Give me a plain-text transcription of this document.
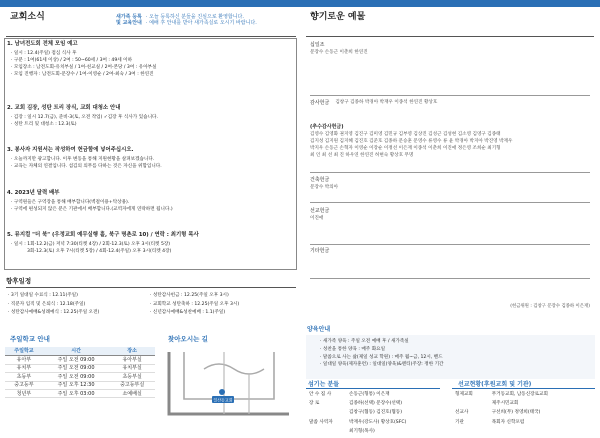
교회소식	새가족 등록
및 교육안내
· 오늘 등록하신 분들을 진심으로 환영합니다.
· 예배 후 안내를 받아 새가족실로 오시기 바랍니다.
1. 남녀전도회 전체 모임 예고
· 일시 : 12.4(주일) 점심 식사 후
· 구분 : 1여(61세 이상) / 2여 : 50~60세 / 3여 : 49세 이하
· 모임장소 : 남전도회-유치부실 / 1여-친교실 / 2여-본당 / 3여 : 유아부실
· 모임 진행자 : 남전도회-문장수 / 1여-이영순 / 2여-최숙 / 3여 : 한연진
2. 교회 김장, 성탄 트리 장식, 교회 대청소 안내
· 김장 : 일시 12.7(금), 준비-3(토, 오전 작업) ✓김장 후 식사가 있습니다.
· 성탄 트리 및 대청소 : 12.3(토)
3. 봉사자 지원서는 작성하여 헌금함에 넣어주십시오.
· 오늘까지만 광고합니다. 이후 변동을 통해 지원현황을 살펴보겠습니다.
· 교육는 자체의 연결입니다. 섬김의 의무를 다하는 것은 자신을 위함입니다.
4. 2023년 달력 배부
· 구역원들은 구역장을 통해 배부합니다(벽걸이용+탁상용).
· 구역에 편성되지 않은 분은 기관에서 배부합니다.(교역자에게 연락하면 됩니다.)
5. 뮤지컬 "더 북" (우정교회 예무실행 홀, 북구 명촌로 10) / 연락 : 최기형 목사
· 일시 : 1회-12.2(금) 저녁 7:30(티켓 4장) / 2회-12.3(토) 오후 3시(티켓 5장)
3회-12.3(토) 오후 7시(티켓 5장) / 4회-12.4(주일) 오후 3시(티켓 4장)
향후일정
· 3기 일대일 수료식 : 12.11(주일)
· 직분자 임직 및 은퇴식 : 12.18(주일)
· 성탄감사예배&성례예식 : 12.25(주일 오전)
· 성탄감사헌금 : 12.25(주일 오후 3시)
· 교회학교 성탄축하 : 12.25(주일 오후 3시)
· 신년감사예배&성찬예배 : 1.1(주일)
주일학교 안내
주일학교	시간	장소
유아부	주일 오전 09:00	유아부실
유치부	주일 오전 09:00	유치부실
초등부	주일 오전 09:00	초등부실
중고등부	주일 오후 12:30	중고등부실
청년부	주일 오후 03:00	소예배실
찾아오시는 길
일산동교회
향기로운 예물
십일조
문장수 손동근 이춘희 한연진
감사헌금 김창구 김종하 박경아 박재우 이종석 한연진 황상호
(추수감사헌금)
김영수 김영화 권지영 김진구 김미영 김민규 김부영 김상진 김성근 김성현 김소영 김영구 김종태
김지성 김지원 김지혜 김진호 김준호 김종하 문승훈 문영수 류영수 류 윤 박경아 박지아 박진영 박재우
박지우 손동근 손혁자 이영순 이장순 이정선 이은재 이종석 이춘희 이진애 정은영 조희순 최기형
최 인 최 선 최 진 하우연 한연진 허현숙 황상호 무명
건축헌금
문장수 박의아
선교헌금
이진애
기타헌금
(헌금위원 : 김창구 문장수 김종하 이은재)
양육안내
· 새가족 양육 : 주일 오전 예배 후 / 새가족실
· 성찬을 통한 양육 : 매주 화요일
· 말씀으로 사는 삶(제일 성교 학원) : 매주 월~금, 12시, 밴드
· 일대일 양육(제자훈련) : 일대일(양육)&멘티(주장: 정한 기간
섬기는 분들	선교현황(후원교회 및 기관)
안 수 집 사	손동근(형통) 이은재
장 로	김종하(선택) 문장수(선택)
	김창구(협동) 김진호(협동)
말씀 사역자	박재우(강도사) 황상호(SFC)
	최기형(목사)
형제교회	무거동교회, 남동신장로교회
	제주시민교회
선교사	구선희(무) 정영희(태국)
기관	목회자 신학포럼
